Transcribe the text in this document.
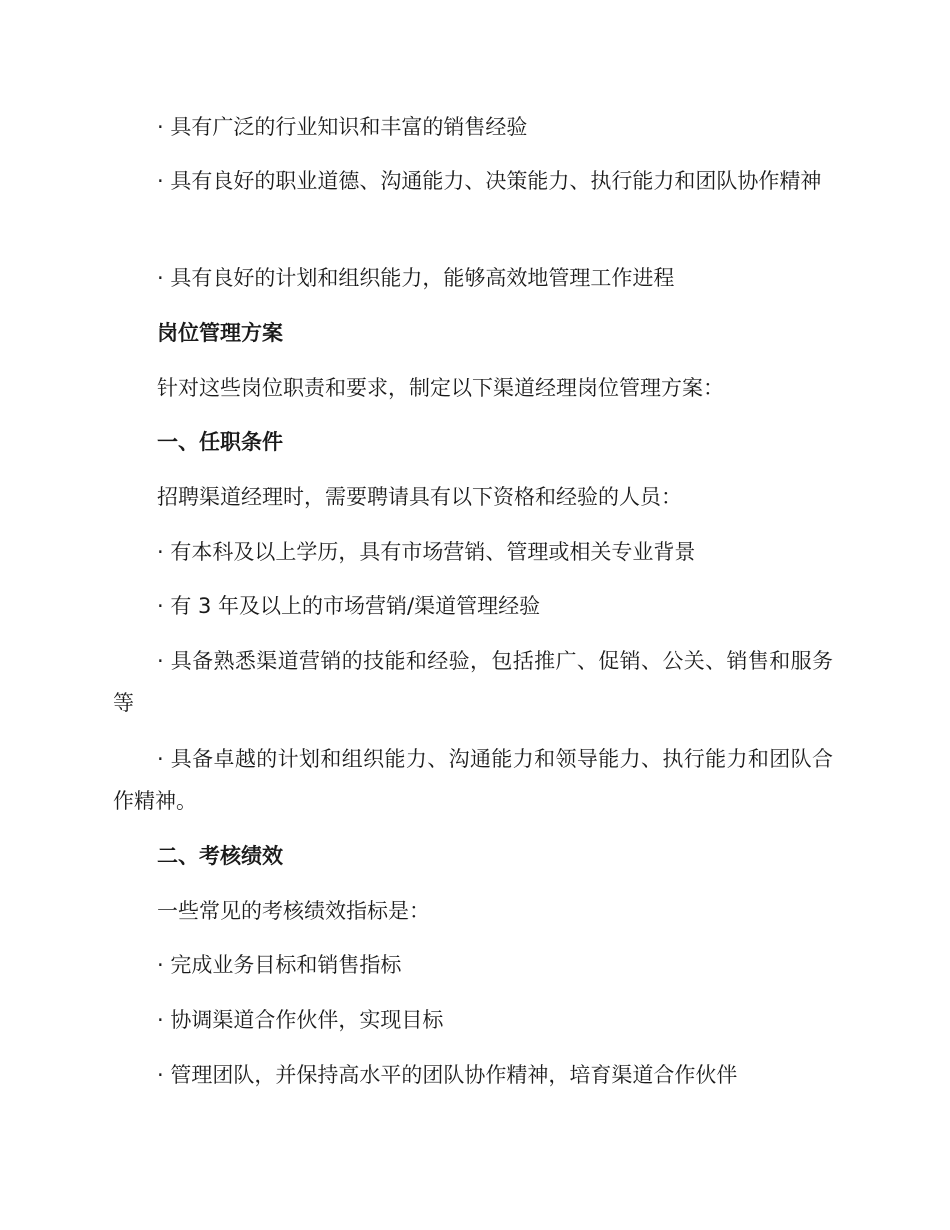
· 具有广泛的行业知识和丰富的销售经验
· 具有良好的职业道德、沟通能力、决策能力、执行能力和团队协作精神
· 具有良好的计划和组织能力，能够高效地管理工作进程
岗位管理方案
针对这些岗位职责和要求，制定以下渠道经理岗位管理方案：
一、任职条件
招聘渠道经理时，需要聘请具有以下资格和经验的人员：
· 有本科及以上学历，具有市场营销、管理或相关专业背景
· 有 3 年及以上的市场营销/渠道管理经验
· 具备熟悉渠道营销的技能和经验，包括推广、促销、公关、销售和服务等
· 具备卓越的计划和组织能力、沟通能力和领导能力、执行能力和团队合作精神。
二、考核绩效
一些常见的考核绩效指标是：
· 完成业务目标和销售指标
· 协调渠道合作伙伴，实现目标
· 管理团队，并保持高水平的团队协作精神，培育渠道合作伙伴
